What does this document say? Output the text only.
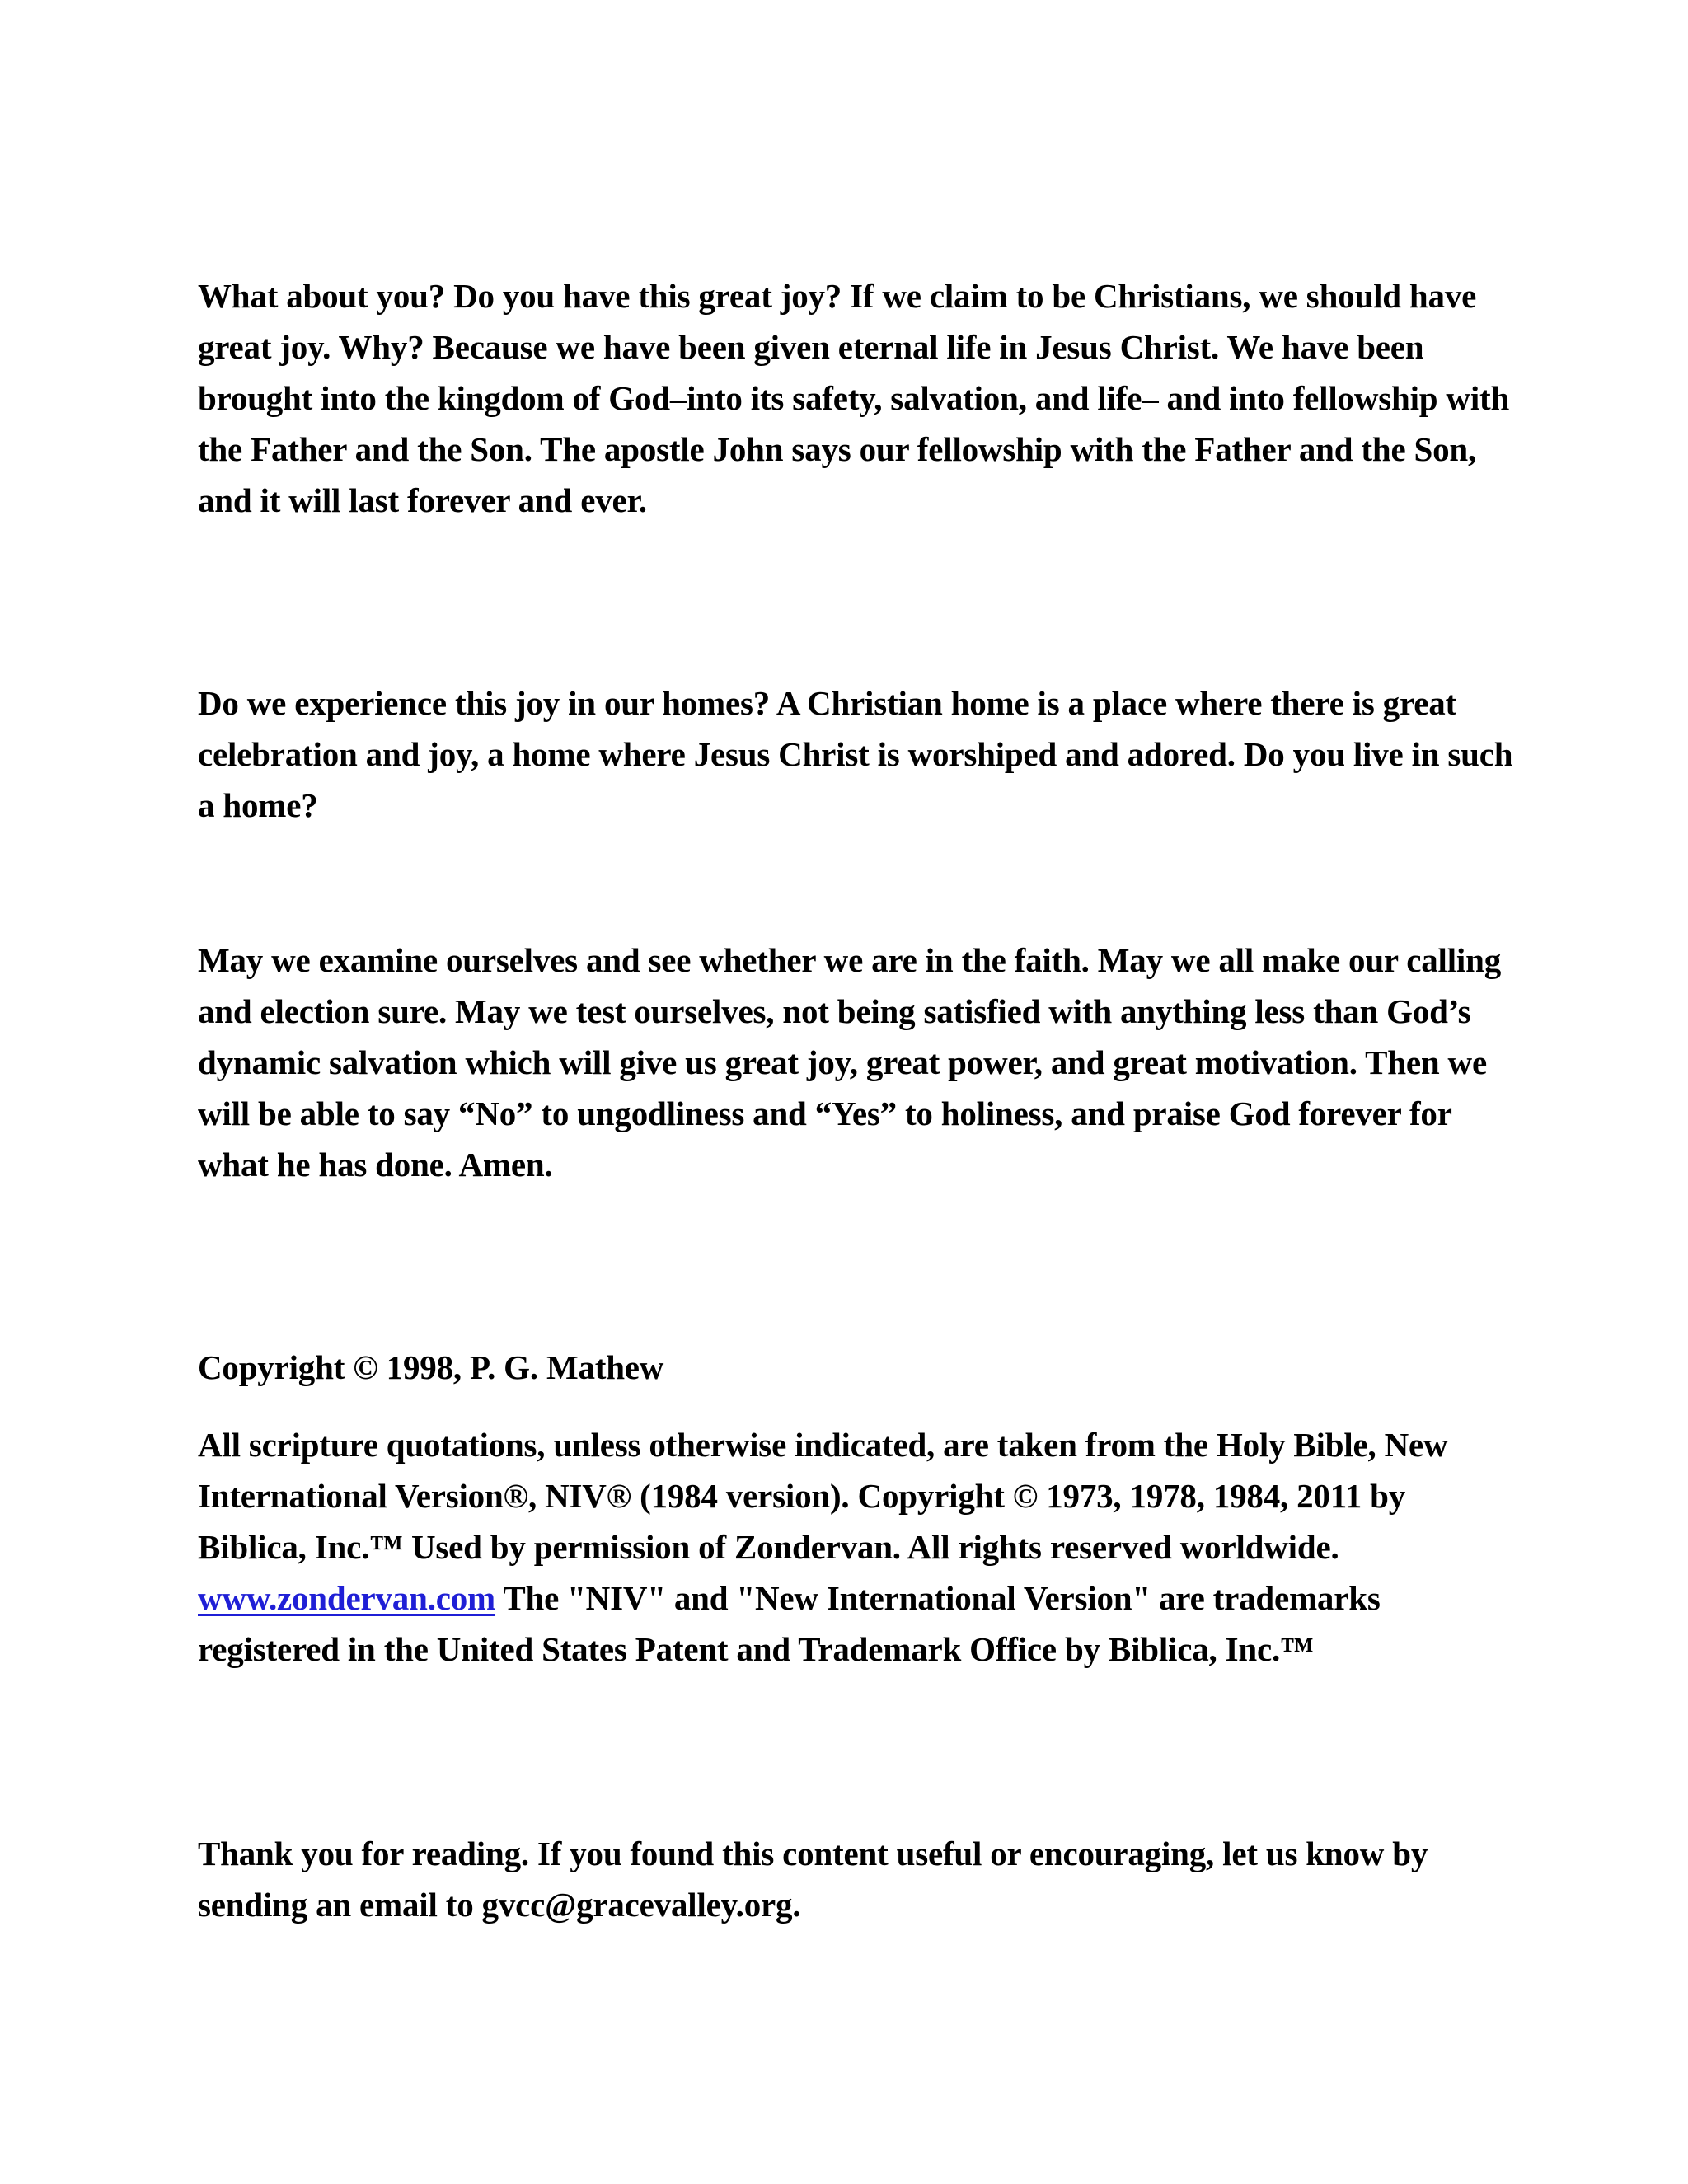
What about you? Do you have this great joy? If we claim to be Christians, we should have great joy. Why? Because we have been given eternal life in Jesus Christ. We have been brought into the kingdom of God–into its safety, salvation, and life– and into fellowship with the Father and the Son. The apostle John says our fellowship with the Father and the Son, and it will last forever and ever.

Do we experience this joy in our homes? A Christian home is a place where there is great celebration and joy, a home where Jesus Christ is worshiped and adored. Do you live in such a home?

May we examine ourselves and see whether we are in the faith. May we all make our calling and election sure. May we test ourselves, not being satisfied with anything less than God’s dynamic salvation which will give us great joy, great power, and great motivation. Then we will be able to say “No” to ungodliness and “Yes” to holiness, and praise God forever for what he has done. Amen.

Copyright © 1998, P. G. Mathew

All scripture quotations, unless otherwise indicated, are taken from the Holy Bible, New International Version®, NIV® (1984 version). Copyright © 1973, 1978, 1984, 2011 by Biblica, Inc.™ Used by permission of Zondervan. All rights reserved worldwide. www.zondervan.com The "NIV" and "New International Version" are trademarks registered in the United States Patent and Trademark Office by Biblica, Inc.™

Thank you for reading. If you found this content useful or encouraging, let us know by sending an email to gvcc@gracevalley.org.
